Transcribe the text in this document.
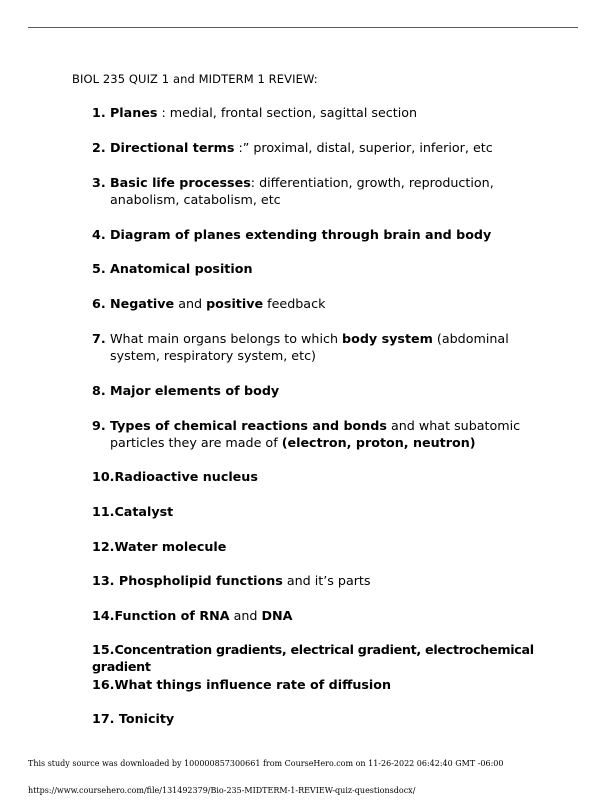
BIOL 235 QUIZ 1 and MIDTERM 1 REVIEW:
1. Planes : medial, frontal section, sagittal section
2. Directional terms :” proximal, distal, superior, inferior, etc
3. Basic life processes: differentiation, growth, reproduction, anabolism, catabolism, etc
4. Diagram of planes extending through brain and body
5. Anatomical position
6. Negative and positive feedback
7. What main organs belongs to which body system (abdominal system, respiratory system, etc)
8. Major elements of body
9. Types of chemical reactions and bonds and what subatomic particles they are made of (electron, proton, neutron)
10.Radioactive nucleus
11.Catalyst
12.Water molecule
13. Phospholipid functions and it’s parts
14.Function of RNA and DNA
15.Concentration gradients, electrical gradient, electrochemical gradient
16.What things influence rate of diffusion
17. Tonicity
This study source was downloaded by 100000857300661 from CourseHero.com on 11-26-2022 06:42:40 GMT -06:00
https://www.coursehero.com/file/131492379/Bio-235-MIDTERM-1-REVIEW-quiz-questionsdocx/
